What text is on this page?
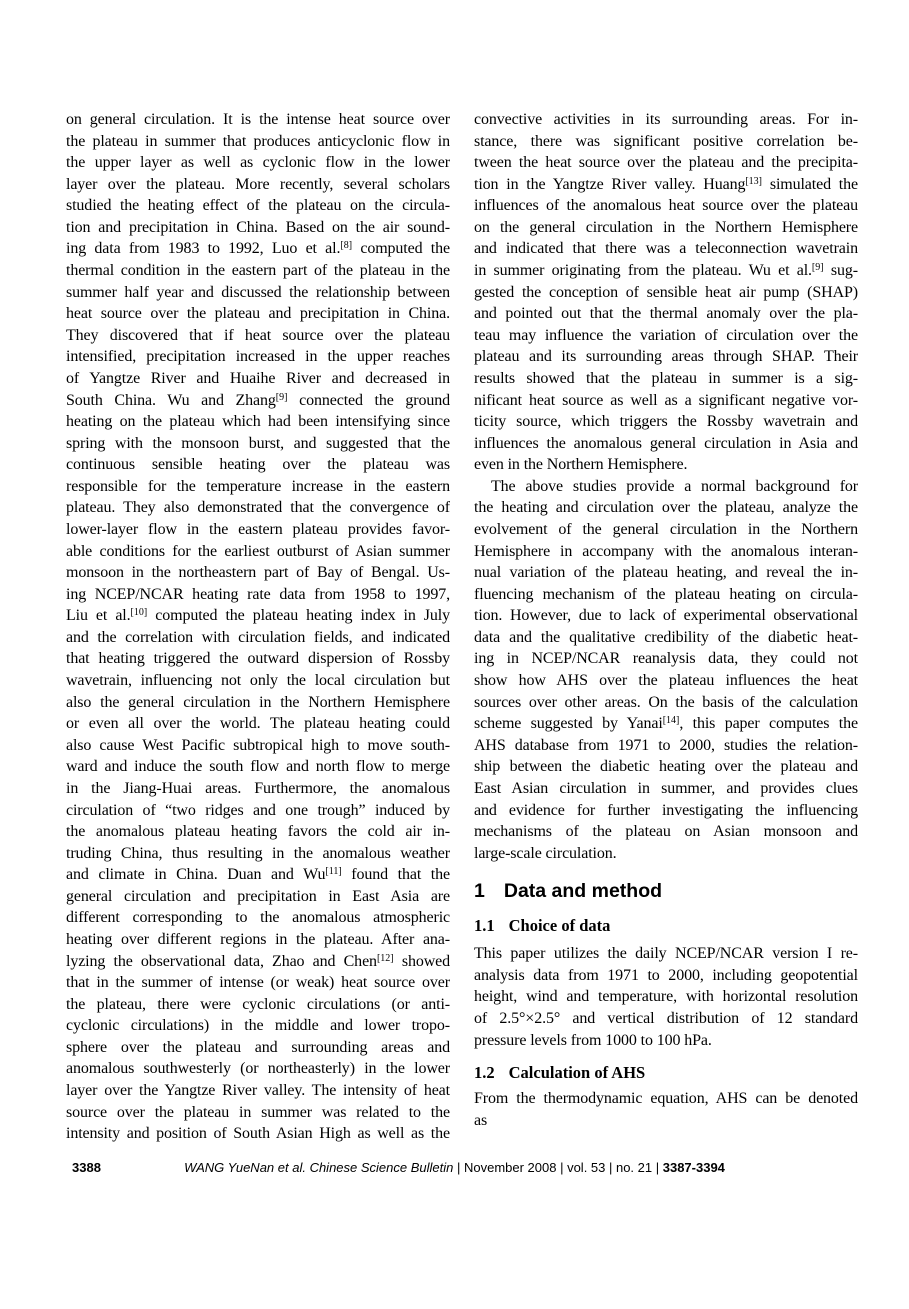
on general circulation. It is the intense heat source over
the plateau in summer that produces anticyclonic flow in
the upper layer as well as cyclonic flow in the lower
layer over the plateau. More recently, several scholars
studied the heating effect of the plateau on the circula-
tion and precipitation in China. Based on the air sound-
ing data from 1983 to 1992, Luo et al.[8] computed the
thermal condition in the eastern part of the plateau in the
summer half year and discussed the relationship between
heat source over the plateau and precipitation in China.
They discovered that if heat source over the plateau
intensified, precipitation increased in the upper reaches
of Yangtze River and Huaihe River and decreased in
South China. Wu and Zhang[9] connected the ground
heating on the plateau which had been intensifying since
spring with the monsoon burst, and suggested that the
continuous sensible heating over the plateau was
responsible for the temperature increase in the eastern
plateau. They also demonstrated that the convergence of
lower-layer flow in the eastern plateau provides favor-
able conditions for the earliest outburst of Asian summer
monsoon in the northeastern part of Bay of Bengal. Us-
ing NCEP/NCAR heating rate data from 1958 to 1997,
Liu et al.[10] computed the plateau heating index in July
and the correlation with circulation fields, and indicated
that heating triggered the outward dispersion of Rossby
wavetrain, influencing not only the local circulation but
also the general circulation in the Northern Hemisphere
or even all over the world. The plateau heating could
also cause West Pacific subtropical high to move south-
ward and induce the south flow and north flow to merge
in the Jiang-Huai areas. Furthermore, the anomalous
circulation of “two ridges and one trough” induced by
the anomalous plateau heating favors the cold air in-
truding China, thus resulting in the anomalous weather
and climate in China. Duan and Wu[11] found that the
general circulation and precipitation in East Asia are
different corresponding to the anomalous atmospheric
heating over different regions in the plateau. After ana-
lyzing the observational data, Zhao and Chen[12] showed
that in the summer of intense (or weak) heat source over
the plateau, there were cyclonic circulations (or anti-
cyclonic circulations) in the middle and lower tropo-
sphere over the plateau and surrounding areas and
anomalous southwesterly (or northeasterly) in the lower
layer over the Yangtze River valley. The intensity of heat
source over the plateau in summer was related to the
intensity and position of South Asian High as well as the
convective activities in its surrounding areas. For in-
stance, there was significant positive correlation be-
tween the heat source over the plateau and the precipita-
tion in the Yangtze River valley. Huang[13] simulated the
influences of the anomalous heat source over the plateau
on the general circulation in the Northern Hemisphere
and indicated that there was a teleconnection wavetrain
in summer originating from the plateau. Wu et al.[9] sug-
gested the conception of sensible heat air pump (SHAP)
and pointed out that the thermal anomaly over the pla-
teau may influence the variation of circulation over the
plateau and its surrounding areas through SHAP. Their
results showed that the plateau in summer is a sig-
nificant heat source as well as a significant negative vor-
ticity source, which triggers the Rossby wavetrain and
influences the anomalous general circulation in Asia and
even in the Northern Hemisphere.
The above studies provide a normal background for
the heating and circulation over the plateau, analyze the
evolvement of the general circulation in the Northern
Hemisphere in accompany with the anomalous interan-
nual variation of the plateau heating, and reveal the in-
fluencing mechanism of the plateau heating on circula-
tion. However, due to lack of experimental observational
data and the qualitative credibility of the diabetic heat-
ing in NCEP/NCAR reanalysis data, they could not
show how AHS over the plateau influences the heat
sources over other areas. On the basis of the calculation
scheme suggested by Yanai[14], this paper computes the
AHS database from 1971 to 2000, studies the relation-
ship between the diabetic heating over the plateau and
East Asian circulation in summer, and provides clues
and evidence for further investigating the influencing
mechanisms of the plateau on Asian monsoon and
large-scale circulation.
1 Data and method
1.1 Choice of data
This paper utilizes the daily NCEP/NCAR version I re-
analysis data from 1971 to 2000, including geopotential
height, wind and temperature, with horizontal resolution
of 2.5°×2.5° and vertical distribution of 12 standard
pressure levels from 1000 to 100 hPa.
1.2 Calculation of AHS
From the thermodynamic equation, AHS can be denoted
as
3388	WANG YueNan et al. Chinese Science Bulletin | November 2008 | vol. 53 | no. 21 | 3387-3394
